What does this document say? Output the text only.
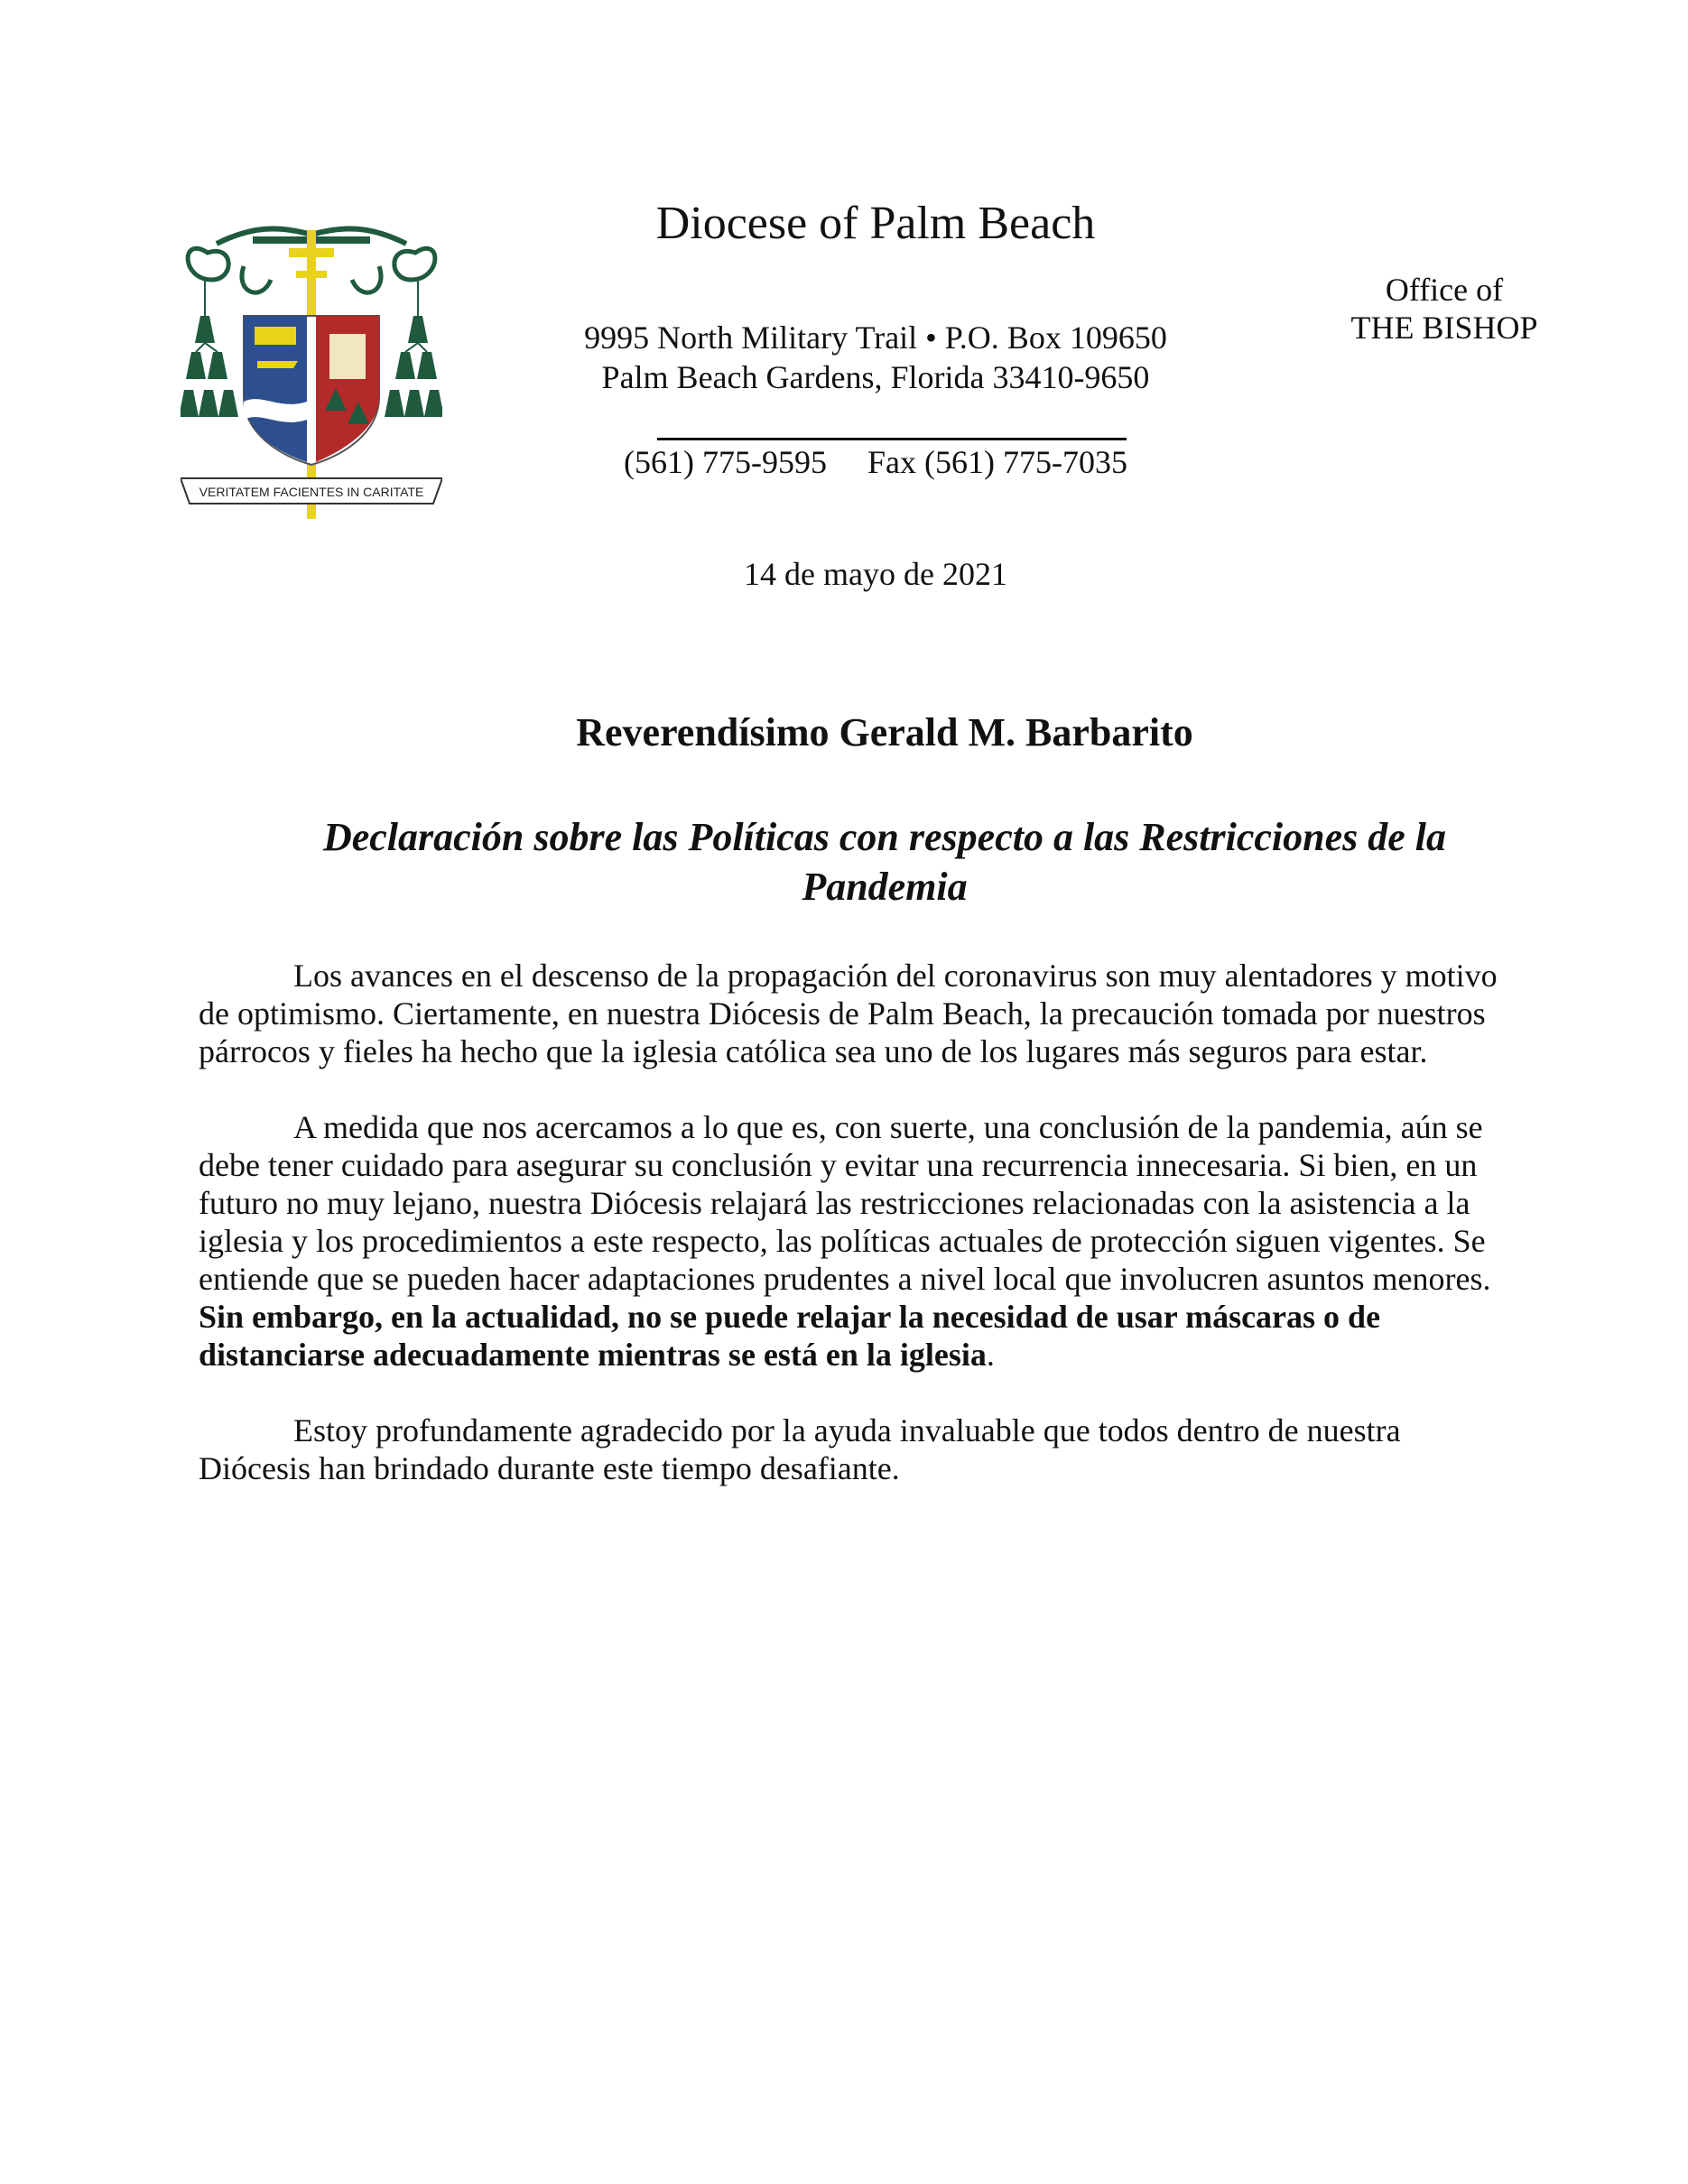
VERITATEM FACIENTES IN CARITATE
Diocese of Palm Beach
Office of
THE BISHOP
9995 North Military Trail • P.O. Box 109650
Palm Beach Gardens, Florida 33410-9650
(561) 775-9595 Fax (561) 775-7035
14 de mayo de 2021
Reverendísimo Gerald M. Barbarito
Declaración sobre las Políticas con respecto a las Restricciones de la
Pandemia

Los avances en el descenso de la propagación del coronavirus son muy alentadores y motivo de optimismo. Ciertamente, en nuestra Diócesis de Palm Beach, la precaución tomada por nuestros párrocos y fieles ha hecho que la iglesia católica sea uno de los lugares más seguros para estar.

A medida que nos acercamos a lo que es, con suerte, una conclusión de la pandemia, aún se debe tener cuidado para asegurar su conclusión y evitar una recurrencia innecesaria. Si bien, en un futuro no muy lejano, nuestra Diócesis relajará las restricciones relacionadas con la asistencia a la iglesia y los procedimientos a este respecto, las políticas actuales de protección siguen vigentes. Se entiende que se pueden hacer adaptaciones prudentes a nivel local que involucren asuntos menores. Sin embargo, en la actualidad, no se puede relajar la necesidad de usar máscaras o de distanciarse adecuadamente mientras se está en la iglesia.

Estoy profundamente agradecido por la ayuda invaluable que todos dentro de nuestra Diócesis han brindado durante este tiempo desafiante.
